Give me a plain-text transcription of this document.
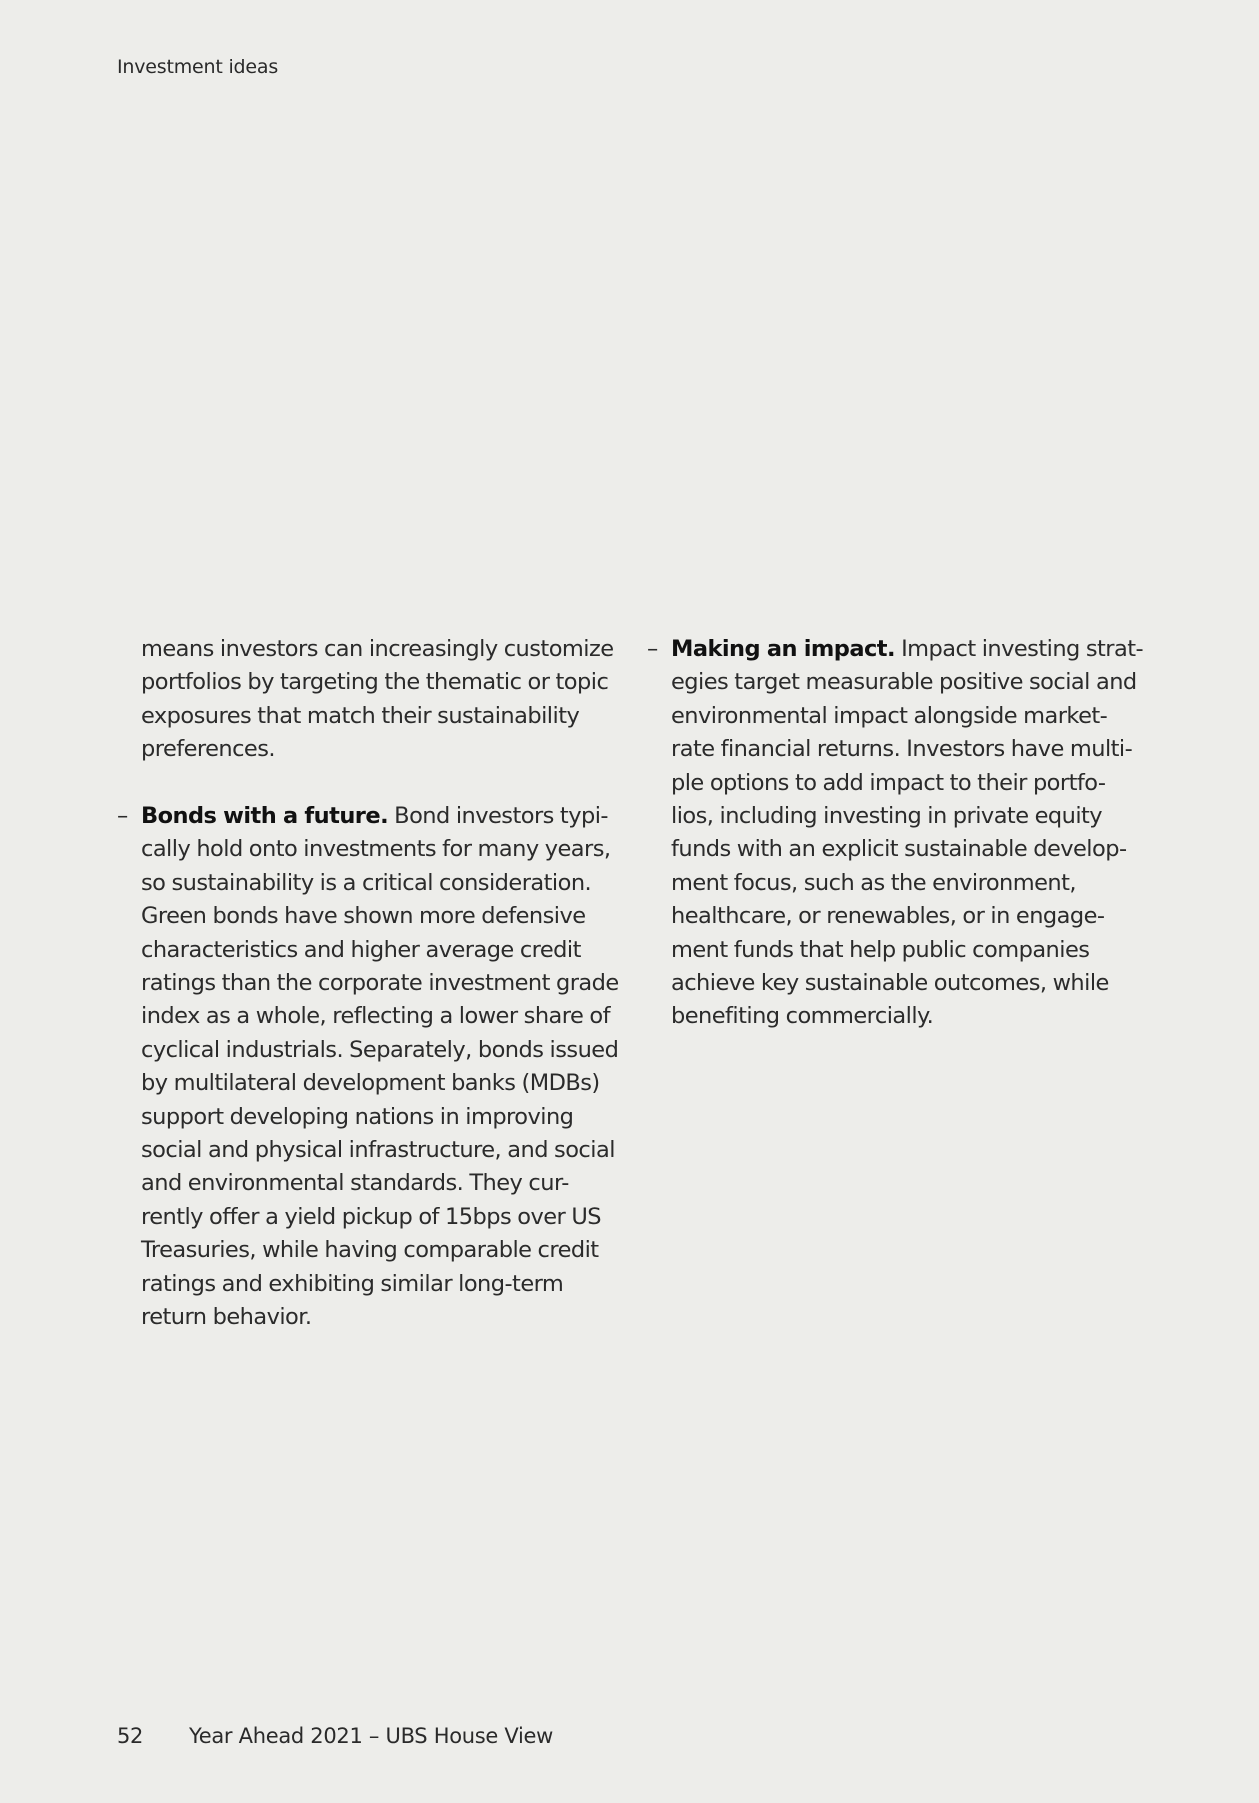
Investment ideas
means investors can increasingly customize
portfolios by targeting the thematic or topic
exposures that match their sustainability
preferences.
– Bonds with a future. Bond investors typi-
cally hold onto investments for many years,
so sustainability is a critical consideration.
Green bonds have shown more defensive
characteristics and higher average credit
ratings than the corporate investment grade
index as a whole, reflecting a lower share of
cyclical industrials. Separately, bonds issued
by multilateral development banks (MDBs)
support developing nations in improving
social and physical infrastructure, and social
and environmental standards. They cur-
rently offer a yield pickup of 15bps over US
Treasuries, while having comparable credit
ratings and exhibiting similar long-term
return behavior.
– Making an impact. Impact investing strat-
egies target measurable positive social and
environmental impact alongside market-
rate financial returns. Investors have multi-
ple options to add impact to their portfo-
lios, including investing in private equity
funds with an explicit sustainable develop-
ment focus, such as the environment,
healthcare, or renewables, or in engage-
ment funds that help public companies
achieve key sustainable outcomes, while
benefiting commercially.
52 Year Ahead 2021 – UBS House View
